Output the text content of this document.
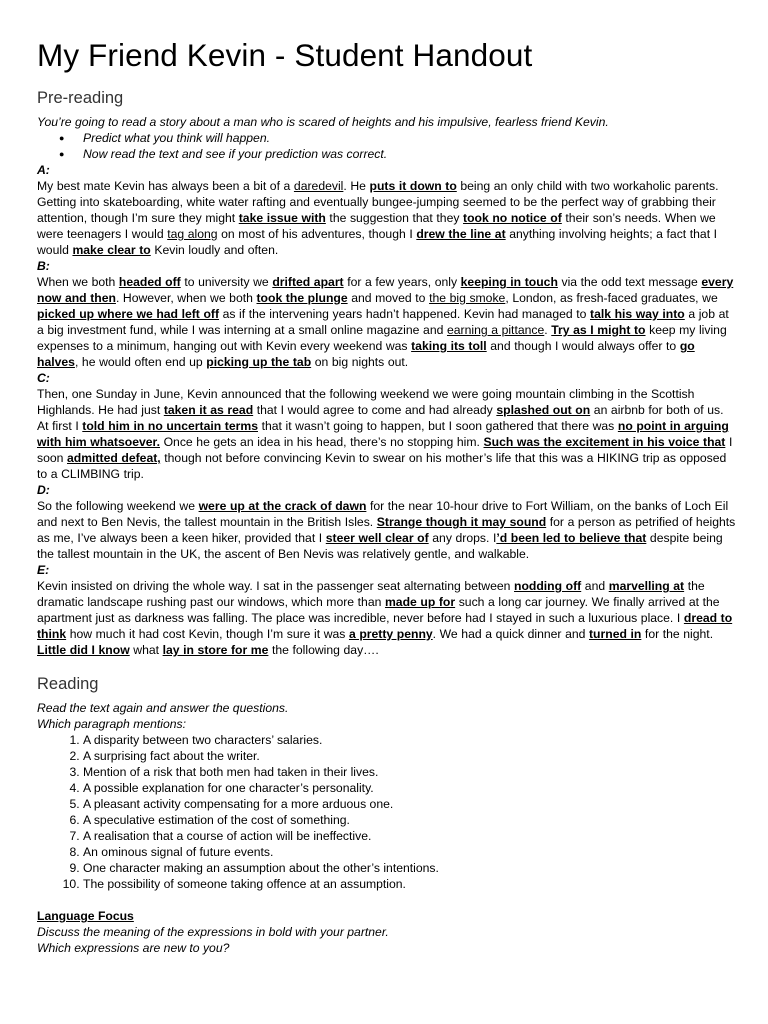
My Friend Kevin - Student Handout
Pre-reading
You’re going to read a story about a man who is scared of heights and his impulsive, fearless friend Kevin.
● Predict what you think will happen.
● Now read the text and see if your prediction was correct.
A:

My best mate Kevin has always been a bit of a daredevil. He puts it down to being an only child with two workaholic parents. Getting into skateboarding, white water rafting and eventually bungee-jumping seemed to be the perfect way of grabbing their attention, though I’m sure they might take issue with the suggestion that they took no notice of their son’s needs. When we were teenagers I would tag along on most of his adventures, though I drew the line at anything involving heights; a fact that I would make clear to Kevin loudly and often.

B:

When we both headed off to university we drifted apart for a few years, only keeping in touch via the odd text message every now and then. However, when we both took the plunge and moved to the big smoke, London, as fresh-faced graduates, we picked up where we had left off as if the intervening years hadn’t happened. Kevin had managed to talk his way into a job at a big investment fund, while I was interning at a small online magazine and earning a pittance. Try as I might to keep my living expenses to a minimum, hanging out with Kevin every weekend was taking its toll and though I would always offer to go halves, he would often end up picking up the tab on big nights out.

C:

Then, one Sunday in June, Kevin announced that the following weekend we were going mountain climbing in the Scottish Highlands. He had just taken it as read that I would agree to come and had already splashed out on an airbnb for both of us. At first I told him in no uncertain terms that it wasn’t going to happen, but I soon gathered that there was no point in arguing with him whatsoever. Once he gets an idea in his head, there’s no stopping him. Such was the excitement in his voice that I soon admitted defeat, though not before convincing Kevin to swear on his mother’s life that this was a HIKING trip as opposed to a CLIMBING trip.

D:

So the following weekend we were up at the crack of dawn for the near 10-hour drive to Fort William, on the banks of Loch Eil and next to Ben Nevis, the tallest mountain in the British Isles. Strange though it may sound for a person as petrified of heights as me, I’ve always been a keen hiker, provided that I steer well clear of any drops. I’d been led to believe that despite being the tallest mountain in the UK, the ascent of Ben Nevis was relatively gentle, and walkable.

E:

Kevin insisted on driving the whole way. I sat in the passenger seat alternating between nodding off and marvelling at the dramatic landscape rushing past our windows, which more than made up for such a long car journey. We finally arrived at the apartment just as darkness was falling. The place was incredible, never before had I stayed in such a luxurious place. I dread to think how much it had cost Kevin, though I’m sure it was a pretty penny. We had a quick dinner and turned in for the night. Little did I know what lay in store for me the following day….

Reading
Read the text again and answer the questions.
Which paragraph mentions:
1. A disparity between two characters’ salaries.
2. A surprising fact about the writer.
3. Mention of a risk that both men had taken in their lives.
4. A possible explanation for one character’s personality.
5. A pleasant activity compensating for a more arduous one.
6. A speculative estimation of the cost of something.
7. A realisation that a course of action will be ineffective.
8. An ominous signal of future events.
9. One character making an assumption about the other’s intentions.
10. The possibility of someone taking offence at an assumption.
Language Focus
Discuss the meaning of the expressions in bold with your partner.
Which expressions are new to you?
